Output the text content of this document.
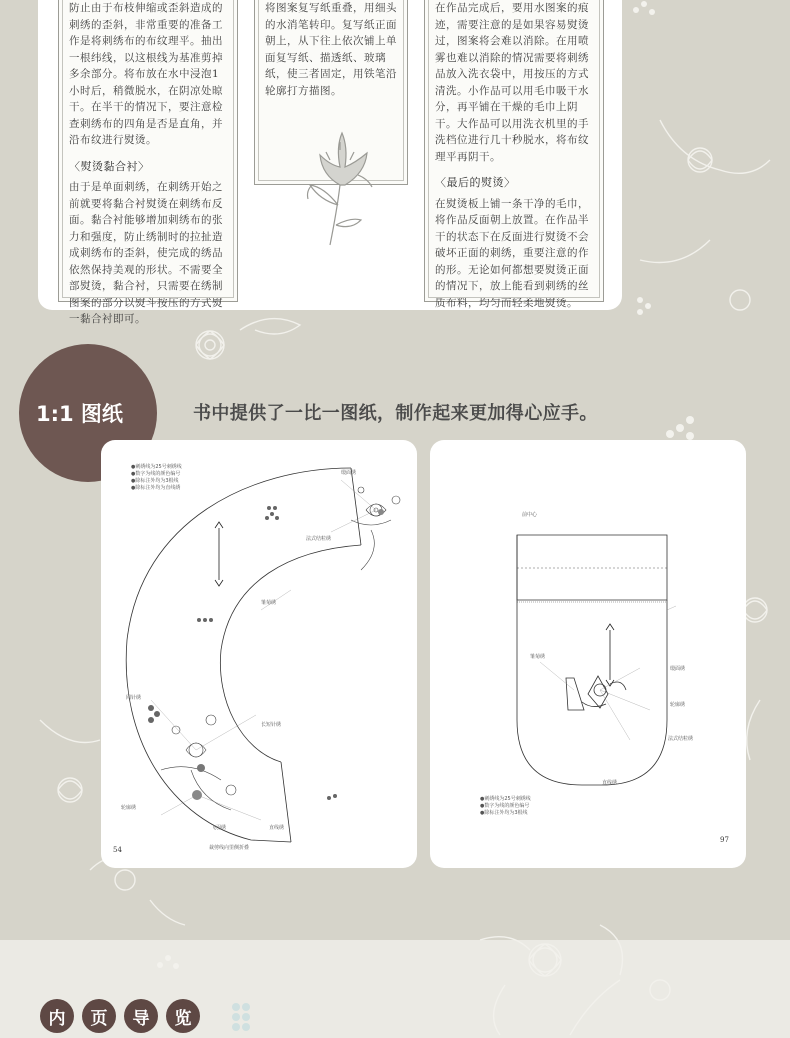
防止由于布枝伸缩或歪斜造成的刺绣的歪斜，非常重要的准备工作是将刺绣布的布纹理平。抽出一根纬线，以这根线为基准剪掉多余部分。将布放在水中浸泡1小时后，稍微脱水，在阴凉处晾干。在半干的情况下，要注意检查刺绣布的四角是否是直角，并沿布纹进行熨烫。

〈熨烫黏合衬〉

由于是单面刺绣，在刺绣开始之前就要将黏合衬熨烫在刺绣布反面。黏合衬能够增加刺绣布的张力和强度，防止绣制时的拉扯造成刺绣布的歪斜，使完成的绣品依然保持美观的形状。不需要全部熨烫，黏合衬，只需要在绣制图案的部分以熨斗按压的方式熨一黏合衬即可。

将图案复写纸重叠，用细头的水消笔转印。复写纸正面朝上，从下往上依次铺上单面复写纸、描透纸、玻璃纸，使三者固定，用铁笔沿轮廓打方描图。

在作品完成后，要用水图案的痕迹，需要注意的是如果容易熨烫过，图案将会难以消除。在用喷雾也难以消除的情况需要将刺绣品放入洗衣袋中，用按压的方式清洗。小作品可以用毛巾吸干水分，再平铺在干燥的毛巾上阴干。大作品可以用洗衣机里的手洗档位进行几十秒脱水，将布纹理平再阴干。

〈最后的熨烫〉

在熨烫板上铺一条干净的毛巾，将作品反面朝上放置。在作品半干的状态下在反面进行熨烫不会破坏正面的刺绣，重要注意的作的形。无论如何都想要熨烫正面的情况下，放上能看到刺绣的丝质布料，均匀而轻柔地熨烫。

1:1 图纸	书中提供了一比一图纸，制作起来更加得心应手。
●刺绣线为25号刺绣线
●数字为线的颜色编号
●除标注外均为3根线
●除标注外均为直线绣
缎面绣
法式结粒绣
雏菊绣
回针绣
长短针绣
轮廓绣
飞羽绣	直线绣
裁剪线向里侧折叠
54
前中心
缎面绣
轮廓绣
法式结粒绣
雏菊绣
直线绣
●刺绣线为25号刺绣线
●数字为线的颜色编号
●除标注外均为3根线
97
内	页	导	览
